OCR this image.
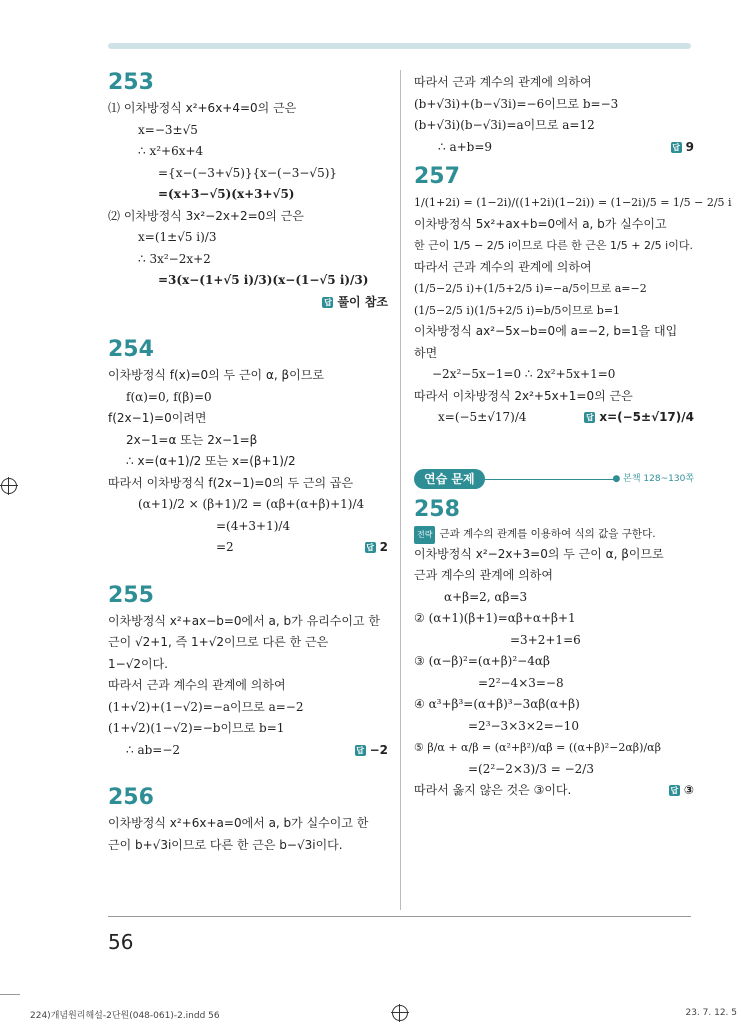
253
⑴ 이차방정식 x²+6x+4=0의 근은
x=−3±√5
∴ x²+6x+4
={x−(−3+√5)}{x−(−3−√5)}
=(x+3−√5)(x+3+√5)
⑵ 이차방정식 3x²−2x+2=0의 근은
x=(1±√5 i)/3
∴ 3x²−2x+2
=3(x−(1+√5 i)/3)(x−(1−√5 i)/3)
답 풀이 참조
254
이차방정식 f(x)=0의 두 근이 α, β이므로
f(α)=0, f(β)=0
f(2x−1)=0이려면
2x−1=α 또는 2x−1=β
∴ x=(α+1)/2 또는 x=(β+1)/2
따라서 이차방정식 f(2x−1)=0의 두 근의 곱은
(α+1)/2 × (β+1)/2 = (αβ+(α+β)+1)/4
=(4+3+1)/4
=2	답 2
255
이차방정식 x²+ax−b=0에서 a, b가 유리수이고 한
근이 √2+1, 즉 1+√2이므로 다른 한 근은
1−√2이다.
따라서 근과 계수의 관계에 의하여
(1+√2)+(1−√2)=−a이므로 a=−2
(1+√2)(1−√2)=−b이므로 b=1
∴ ab=−2	답 −2
256
이차방정식 x²+6x+a=0에서 a, b가 실수이고 한
근이 b+√3i이므로 다른 한 근은 b−√3i이다.
따라서 근과 계수의 관계에 의하여
(b+√3i)+(b−√3i)=−6이므로 b=−3
(b+√3i)(b−√3i)=a이므로 a=12
∴ a+b=9	답 9
257
1/(1+2i) = (1−2i)/((1+2i)(1−2i)) = (1−2i)/5 = 1/5 − 2/5 i
이차방정식 5x²+ax+b=0에서 a, b가 실수이고
한 근이 1/5 − 2/5 i이므로 다른 한 근은 1/5 + 2/5 i이다.
따라서 근과 계수의 관계에 의하여
(1/5−2/5 i)+(1/5+2/5 i)=−a/5이므로 a=−2
(1/5−2/5 i)(1/5+2/5 i)=b/5이므로 b=1
이차방정식 ax²−5x−b=0에 a=−2, b=1을 대입
하면
−2x²−5x−1=0 ∴ 2x²+5x+1=0
따라서 이차방정식 2x²+5x+1=0의 근은
x=(−5±√17)/4	답 x=(−5±√17)/4
연습 문제	● 본책 128~130쪽
258
전략 근과 계수의 관계를 이용하여 식의 값을 구한다.
이차방정식 x²−2x+3=0의 두 근이 α, β이므로
근과 계수의 관계에 의하여
α+β=2, αβ=3
② (α+1)(β+1)=αβ+α+β+1
=3+2+1=6
③ (α−β)²=(α+β)²−4αβ
=2²−4×3=−8
④ α³+β³=(α+β)³−3αβ(α+β)
=2³−3×3×2=−10
⑤ β/α + α/β = (α²+β²)/αβ = ((α+β)²−2αβ)/αβ
=(2²−2×3)/3 = −2/3
따라서 옳지 않은 것은 ③이다.	답 ③
56
224)개념원리해설-2단원(048-061)-2.indd 56	23. 7. 12. 5
